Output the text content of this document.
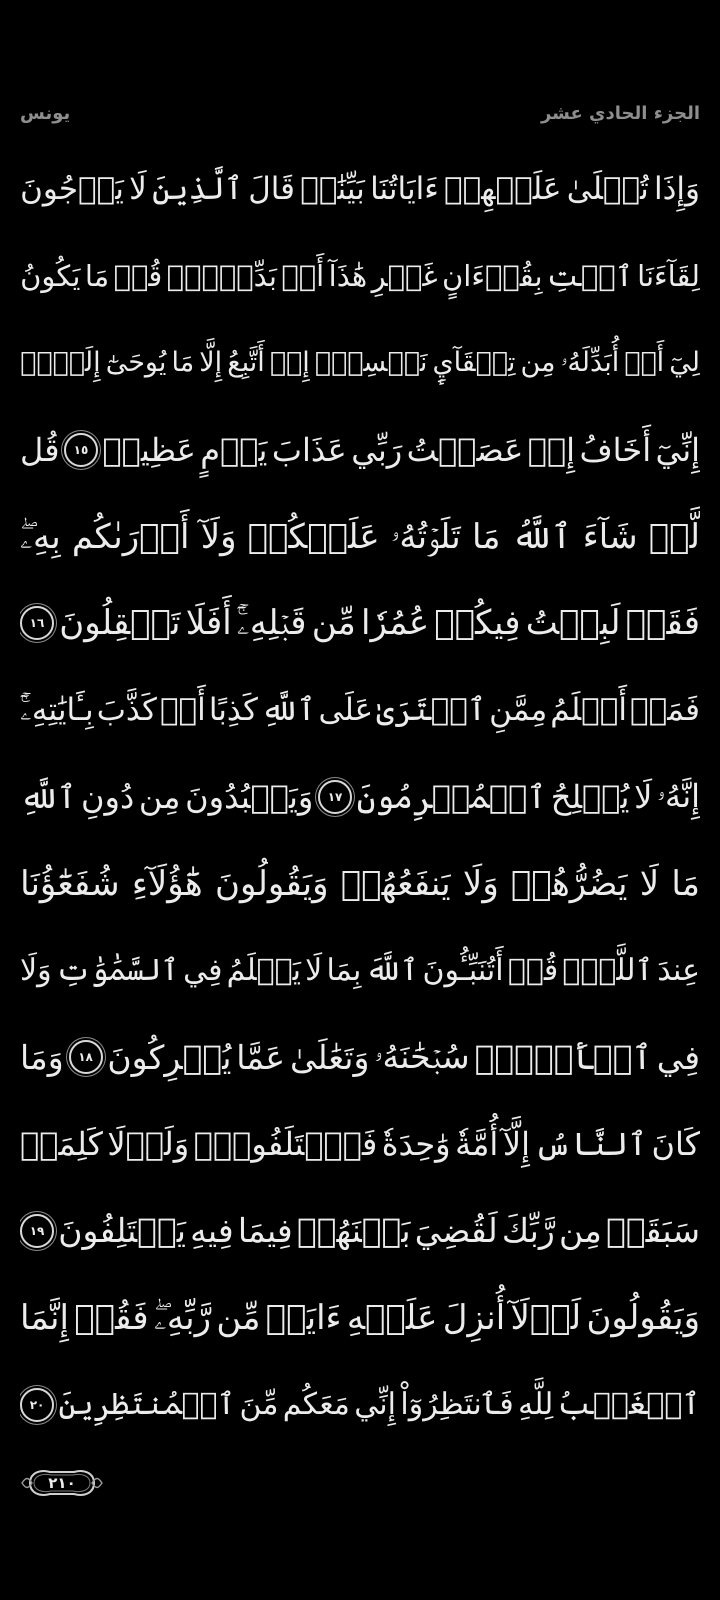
يونس	الجزء الحادي عشر
وَإِذَا
تُتۡلَىٰ
عَلَيۡهِمۡ
ءَايَاتُنَا
بَيِّنَٰتٖ
قَالَ
ٱلَّذِينَ
لَا
يَرۡجُونَ
لِقَآءَنَا
ٱئۡتِ
بِقُرۡءَانٍ
غَيۡرِ
هَٰذَآ
أَوۡ
بَدِّلۡهُۚ
قُلۡ
مَا
يَكُونُ
لِيٓ
أَنۡ
أُبَدِّلَهُۥ
مِن
تِلۡقَآيِٕ
نَفۡسِيٓۖ
إِنۡ
أَتَّبِعُ
إِلَّا
مَا
يُوحَىٰٓ
إِلَيَّۖ
إِنِّيٓ
أَخَافُ
إِنۡ
عَصَيۡتُ
رَبِّي
عَذَابَ
يَوۡمٍ
عَظِيمٖ
١٥
قُل
لَّوۡ
شَآءَ
ٱللَّهُ
مَا
تَلَوۡتُهُۥ
عَلَيۡكُمۡ
وَلَآ
أَدۡرَىٰكُم
بِهِۦۖ
فَقَدۡ
لَبِثۡتُ
فِيكُمۡ
عُمُرٗا
مِّن
قَبۡلِهِۦٓۚ
أَفَلَا
تَعۡقِلُونَ
١٦
فَمَنۡ
أَظۡلَمُ
مِمَّنِ
ٱفۡتَرَىٰ
عَلَى
ٱللَّهِ
كَذِبًا
أَوۡ
كَذَّبَ
بِـَٔايَٰتِهِۦٓۚ
إِنَّهُۥ
لَا
يُفۡلِحُ
ٱلۡمُجۡرِمُونَ
١٧
وَيَعۡبُدُونَ
مِن
دُونِ
ٱللَّهِ
مَا
لَا
يَضُرُّهُمۡ
وَلَا
يَنفَعُهُمۡ
وَيَقُولُونَ
هَٰٓؤُلَآءِ
شُفَعَٰٓؤُنَا
عِندَ
ٱللَّهِۚ
قُلۡ
أَتُنَبِّـُٔونَ
ٱللَّهَ
بِمَا
لَا
يَعۡلَمُ
فِي
ٱلسَّمَٰوَٰتِ
وَلَا
فِي
ٱلۡأَرۡضِۚ
سُبۡحَٰنَهُۥ
وَتَعَٰلَىٰ
عَمَّا
يُشۡرِكُونَ
١٨
وَمَا
كَانَ
ٱلنَّاسُ
إِلَّآ
أُمَّةٗ
وَٰحِدَةٗ
فَٱخۡتَلَفُواْۚ
وَلَوۡلَا
كَلِمَةٞ
سَبَقَتۡ
مِن
رَّبِّكَ
لَقُضِيَ
بَيۡنَهُمۡ
فِيمَا
فِيهِ
يَخۡتَلِفُونَ
١٩
وَيَقُولُونَ
لَوۡلَآ
أُنزِلَ
عَلَيۡهِ
ءَايَةٞ
مِّن
رَّبِّهِۦۖ
فَقُلۡ
إِنَّمَا
ٱلۡغَيۡبُ
لِلَّهِ
فَٱنتَظِرُوٓاْ
إِنِّي
مَعَكُم
مِّنَ
ٱلۡمُنتَظِرِينَ
٢٠
٢١٠
